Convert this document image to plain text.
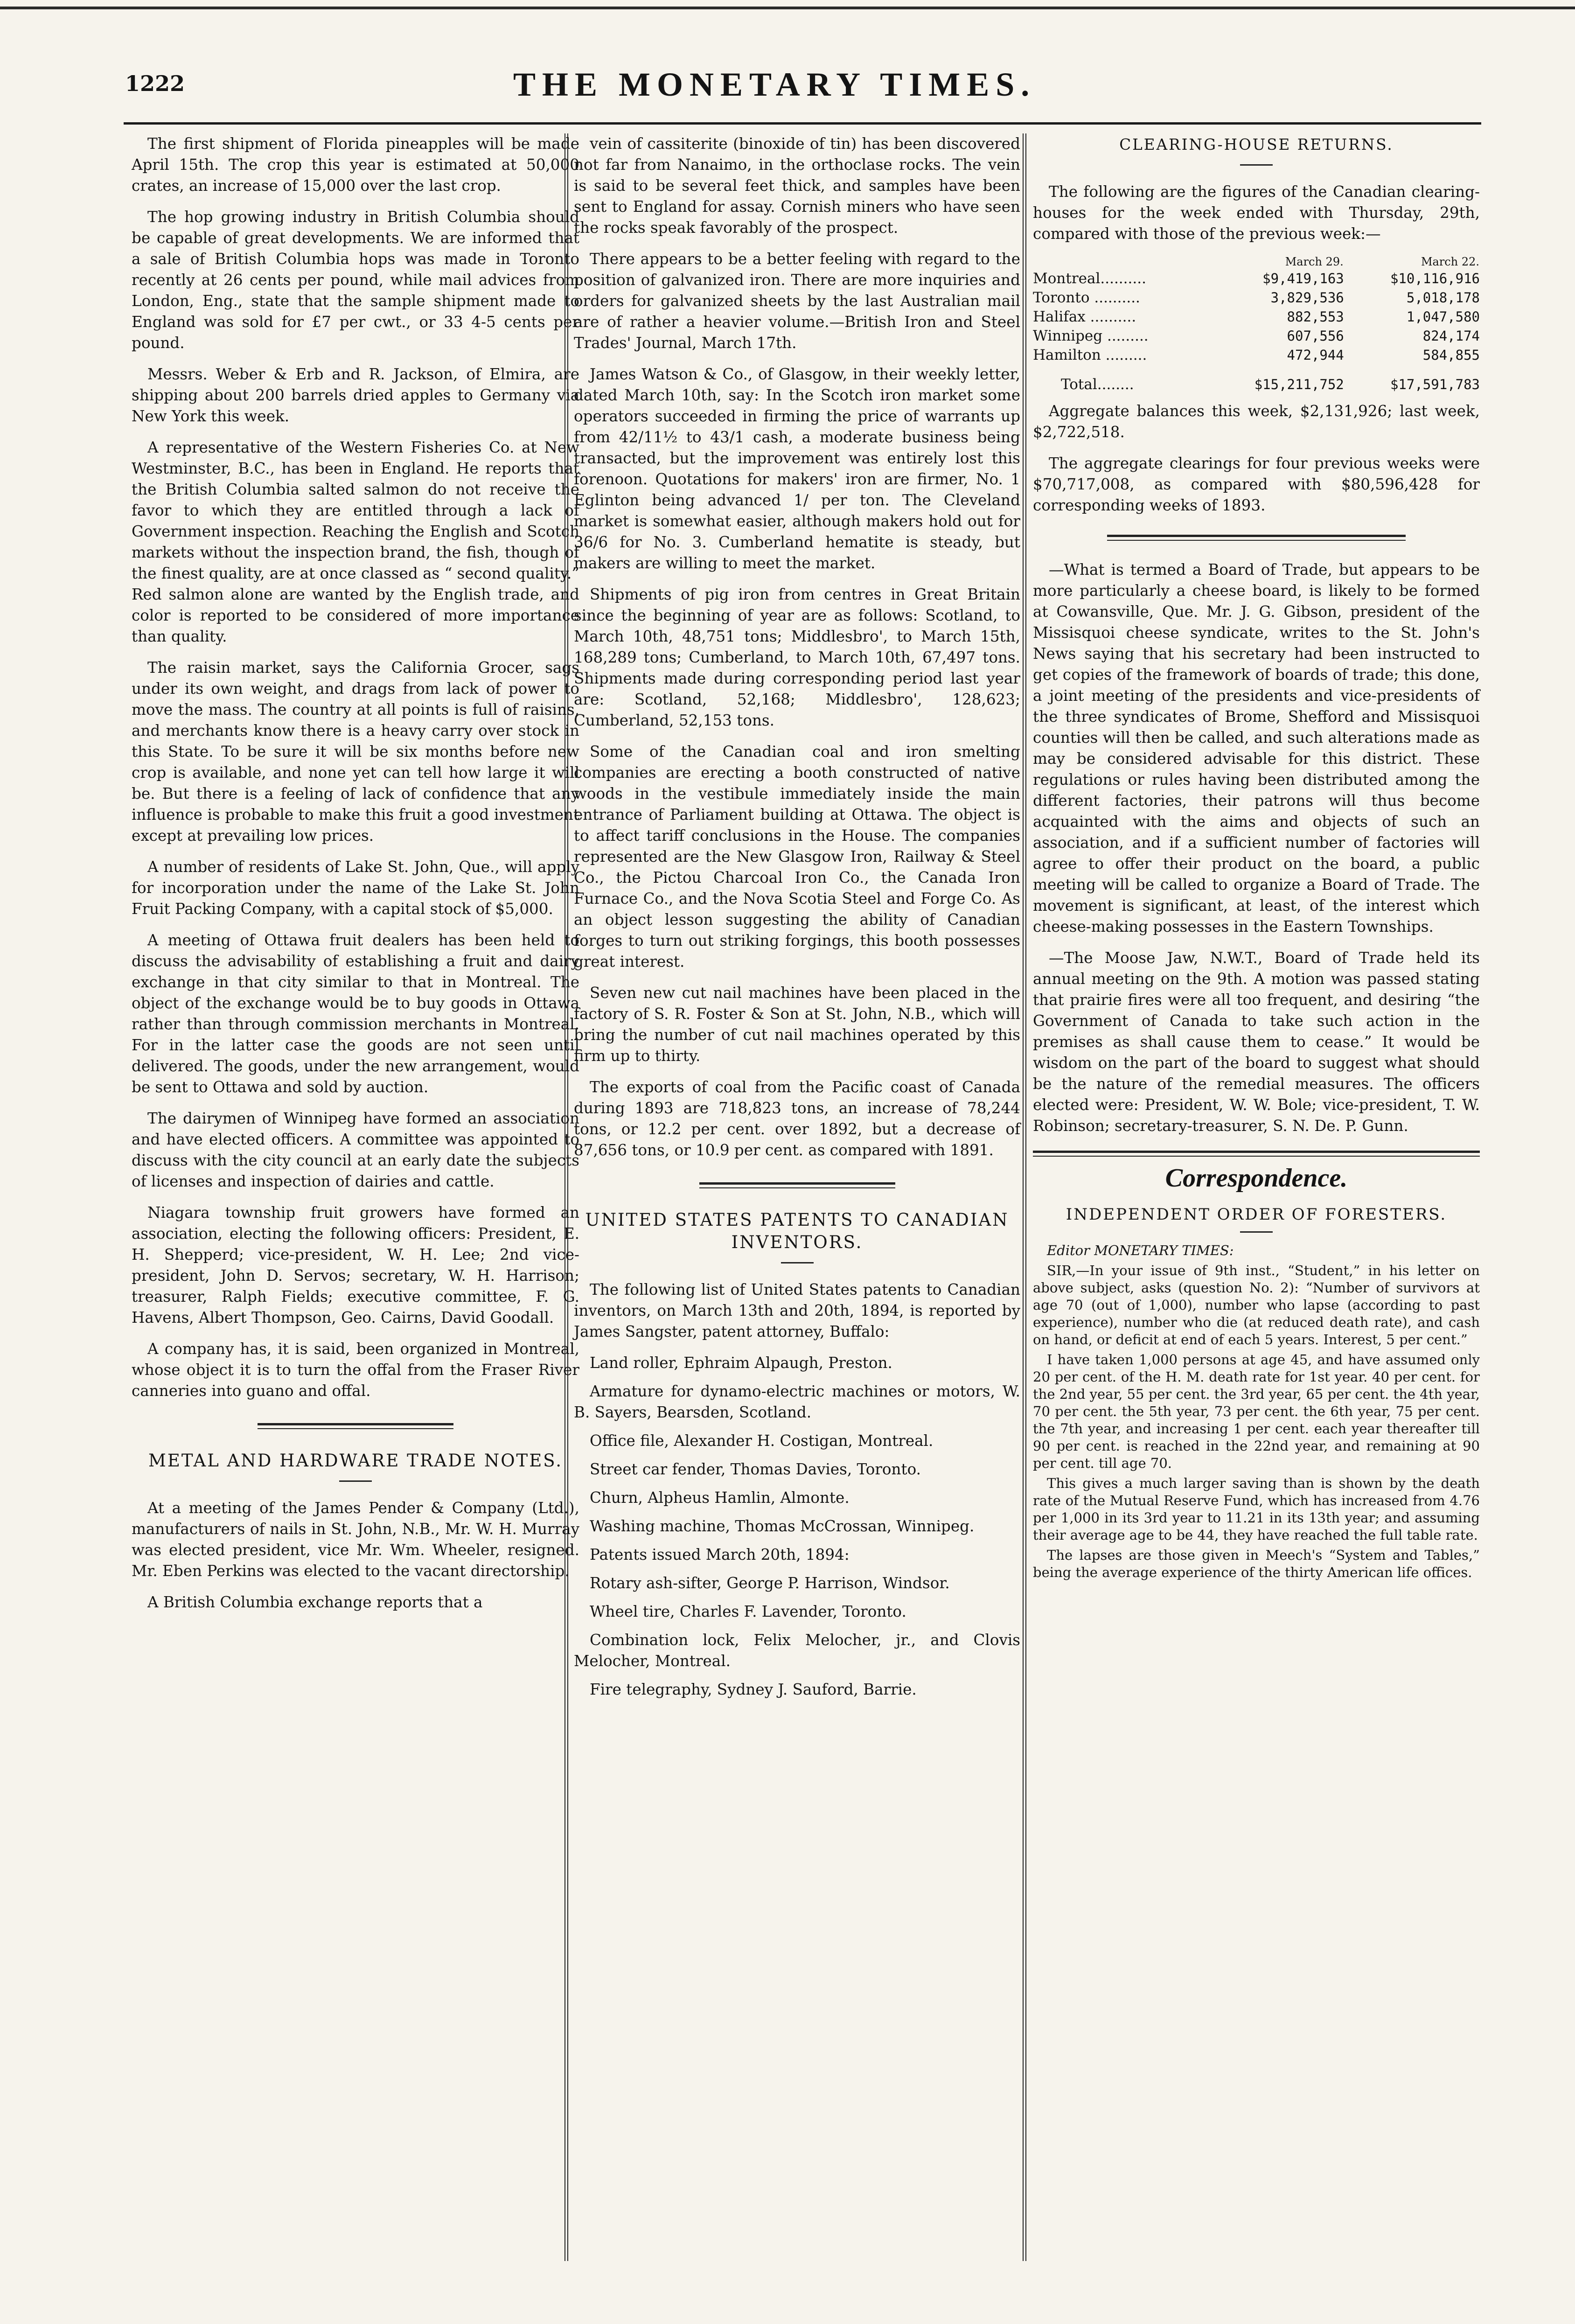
1222	THE MONETARY TIMES.

The first shipment of Florida pineapples will be made April 15th. The crop this year is estimated at 50,000 crates, an increase of 15,000 over the last crop.

The hop growing industry in British Columbia should be capable of great developments. We are informed that a sale of British Columbia hops was made in Toronto recently at 26 cents per pound, while mail advices from London, Eng., state that the sample shipment made to England was sold for £7 per cwt., or 33 4-5 cents per pound.

Messrs. Weber & Erb and R. Jackson, of Elmira, are shipping about 200 barrels dried apples to Germany via New York this week.

A representative of the Western Fisheries Co. at New Westminster, B.C., has been in England. He reports that the British Columbia salted salmon do not receive the favor to which they are entitled through a lack of Government inspection. Reaching the English and Scotch markets without the inspection brand, the fish, though of the finest quality, are at once classed as “ second quality.” Red salmon alone are wanted by the English trade, and color is reported to be considered of more importance than quality.

The raisin market, says the California Grocer, sags under its own weight, and drags from lack of power to move the mass. The country at all points is full of raisins, and merchants know there is a heavy carry over stock in this State. To be sure it will be six months before new crop is available, and none yet can tell how large it will be. But there is a feeling of lack of confidence that any influence is probable to make this fruit a good investment except at prevailing low prices.

A number of residents of Lake St. John, Que., will apply for incorporation under the name of the Lake St. John Fruit Packing Company, with a capital stock of $5,000.

A meeting of Ottawa fruit dealers has been held to discuss the advisability of establishing a fruit and dairy exchange in that city similar to that in Montreal. The object of the exchange would be to buy goods in Ottawa rather than through commission merchants in Montreal. For in the latter case the goods are not seen until delivered. The goods, under the new arrangement, would be sent to Ottawa and sold by auction.

The dairymen of Winnipeg have formed an association and have elected officers. A committee was appointed to discuss with the city council at an early date the subjects of licenses and inspection of dairies and cattle.

Niagara township fruit growers have formed an association, electing the following officers: President, E. H. Shepperd; vice-president, W. H. Lee; 2nd vice-president, John D. Servos; secretary, W. H. Harrison; treasurer, Ralph Fields; executive committee, F. G. Havens, Albert Thompson, Geo. Cairns, David Goodall.

A company has, it is said, been organized in Montreal, whose object it is to turn the offal from the Fraser River canneries into guano and offal.

METAL AND HARDWARE TRADE NOTES.

At a meeting of the James Pender & Company (Ltd.), manufacturers of nails in St. John, N.B., Mr. W. H. Murray was elected president, vice Mr. Wm. Wheeler, resigned. Mr. Eben Perkins was elected to the vacant directorship.

A British Columbia exchange reports that a

vein of cassiterite (binoxide of tin) has been discovered not far from Nanaimo, in the orthoclase rocks. The vein is said to be several feet thick, and samples have been sent to England for assay. Cornish miners who have seen the rocks speak favorably of the prospect.

There appears to be a better feeling with regard to the position of galvanized iron. There are more inquiries and orders for galvanized sheets by the last Australian mail are of rather a heavier volume.—British Iron and Steel Trades' Journal, March 17th.

James Watson & Co., of Glasgow, in their weekly letter, dated March 10th, say: In the Scotch iron market some operators succeeded in firming the price of warrants up from 42/11½ to 43/1 cash, a moderate business being transacted, but the improvement was entirely lost this forenoon. Quotations for makers' iron are firmer, No. 1 Eglinton being advanced 1/ per ton. The Cleveland market is somewhat easier, although makers hold out for 36/6 for No. 3. Cumberland hematite is steady, but makers are willing to meet the market.

Shipments of pig iron from centres in Great Britain since the beginning of year are as follows: Scotland, to March 10th, 48,751 tons; Middlesbro', to March 15th, 168,289 tons; Cumberland, to March 10th, 67,497 tons. Shipments made during corresponding period last year are: Scotland, 52,168; Middlesbro', 128,623; Cumberland, 52,153 tons.

Some of the Canadian coal and iron smelting companies are erecting a booth constructed of native woods in the vestibule immediately inside the main entrance of Parliament building at Ottawa. The object is to affect tariff conclusions in the House. The companies represented are the New Glasgow Iron, Railway & Steel Co., the Pictou Charcoal Iron Co., the Canada Iron Furnace Co., and the Nova Scotia Steel and Forge Co. As an object lesson suggesting the ability of Canadian forges to turn out striking forgings, this booth possesses great interest.

Seven new cut nail machines have been placed in the factory of S. R. Foster & Son at St. John, N.B., which will bring the number of cut nail machines operated by this firm up to thirty.

The exports of coal from the Pacific coast of Canada during 1893 are 718,823 tons, an increase of 78,244 tons, or 12.2 per cent. over 1892, but a decrease of 87,656 tons, or 10.9 per cent. as compared with 1891.

UNITED STATES PATENTS TO CANADIAN INVENTORS.

The following list of United States patents to Canadian inventors, on March 13th and 20th, 1894, is reported by James Sangster, patent attorney, Buffalo:

Land roller, Ephraim Alpaugh, Preston.

Armature for dynamo-electric machines or motors, W. B. Sayers, Bearsden, Scotland.

Office file, Alexander H. Costigan, Montreal.

Street car fender, Thomas Davies, Toronto.

Churn, Alpheus Hamlin, Almonte.

Washing machine, Thomas McCrossan, Winnipeg.

Patents issued March 20th, 1894:

Rotary ash-sifter, George P. Harrison, Windsor.

Wheel tire, Charles F. Lavender, Toronto.

Combination lock, Felix Melocher, jr., and Clovis Melocher, Montreal.

Fire telegraphy, Sydney J. Sauford, Barrie.

CLEARING-HOUSE RETURNS.

The following are the figures of the Canadian clearing-houses for the week ended with Thursday, 29th, compared with those of the previous week:—

	March 29.	March 22.
Montreal..........	$9,419,163	$10,116,916
Toronto ..........	3,829,536	5,018,178
Halifax ..........	882,553	1,047,580
Winnipeg .........	607,556	824,174
Hamilton .........	472,944	584,855
Total........	$15,211,752	$17,591,783

Aggregate balances this week, $2,131,926; last week, $2,722,518.

The aggregate clearings for four previous weeks were $70,717,008, as compared with $80,596,428 for corresponding weeks of 1893.

—What is termed a Board of Trade, but appears to be more particularly a cheese board, is likely to be formed at Cowansville, Que. Mr. J. G. Gibson, president of the Missisquoi cheese syndicate, writes to the St. John's News saying that his secretary had been instructed to get copies of the framework of boards of trade; this done, a joint meeting of the presidents and vice-presidents of the three syndicates of Brome, Shefford and Missisquoi counties will then be called, and such alterations made as may be considered advisable for this district. These regulations or rules having been distributed among the different factories, their patrons will thus become acquainted with the aims and objects of such an association, and if a sufficient number of factories will agree to offer their product on the board, a public meeting will be called to organize a Board of Trade. The movement is significant, at least, of the interest which cheese-making possesses in the Eastern Townships.

—The Moose Jaw, N.W.T., Board of Trade held its annual meeting on the 9th. A motion was passed stating that prairie fires were all too frequent, and desiring “the Government of Canada to take such action in the premises as shall cause them to cease.” It would be wisdom on the part of the board to suggest what should be the nature of the remedial measures. The officers elected were: President, W. W. Bole; vice-president, T. W. Robinson; secretary-treasurer, S. N. De. P. Gunn.

Correspondence.

INDEPENDENT ORDER OF FORESTERS.

Editor MONETARY TIMES:

SIR,—In your issue of 9th inst., “Student,” in his letter on above subject, asks (question No. 2): “Number of survivors at age 70 (out of 1,000), number who lapse (according to past experience), number who die (at reduced death rate), and cash on hand, or deficit at end of each 5 years. Interest, 5 per cent.”

I have taken 1,000 persons at age 45, and have assumed only 20 per cent. of the H. M. death rate for 1st year. 40 per cent. for the 2nd year, 55 per cent. the 3rd year, 65 per cent. the 4th year, 70 per cent. the 5th year, 73 per cent. the 6th year, 75 per cent. the 7th year, and increasing 1 per cent. each year thereafter till 90 per cent. is reached in the 22nd year, and remaining at 90 per cent. till age 70.

This gives a much larger saving than is shown by the death rate of the Mutual Reserve Fund, which has increased from 4.76 per 1,000 in its 3rd year to 11.21 in its 13th year; and assuming their average age to be 44, they have reached the full table rate.

The lapses are those given in Meech's “System and Tables,” being the average experience of the thirty American life offices.
